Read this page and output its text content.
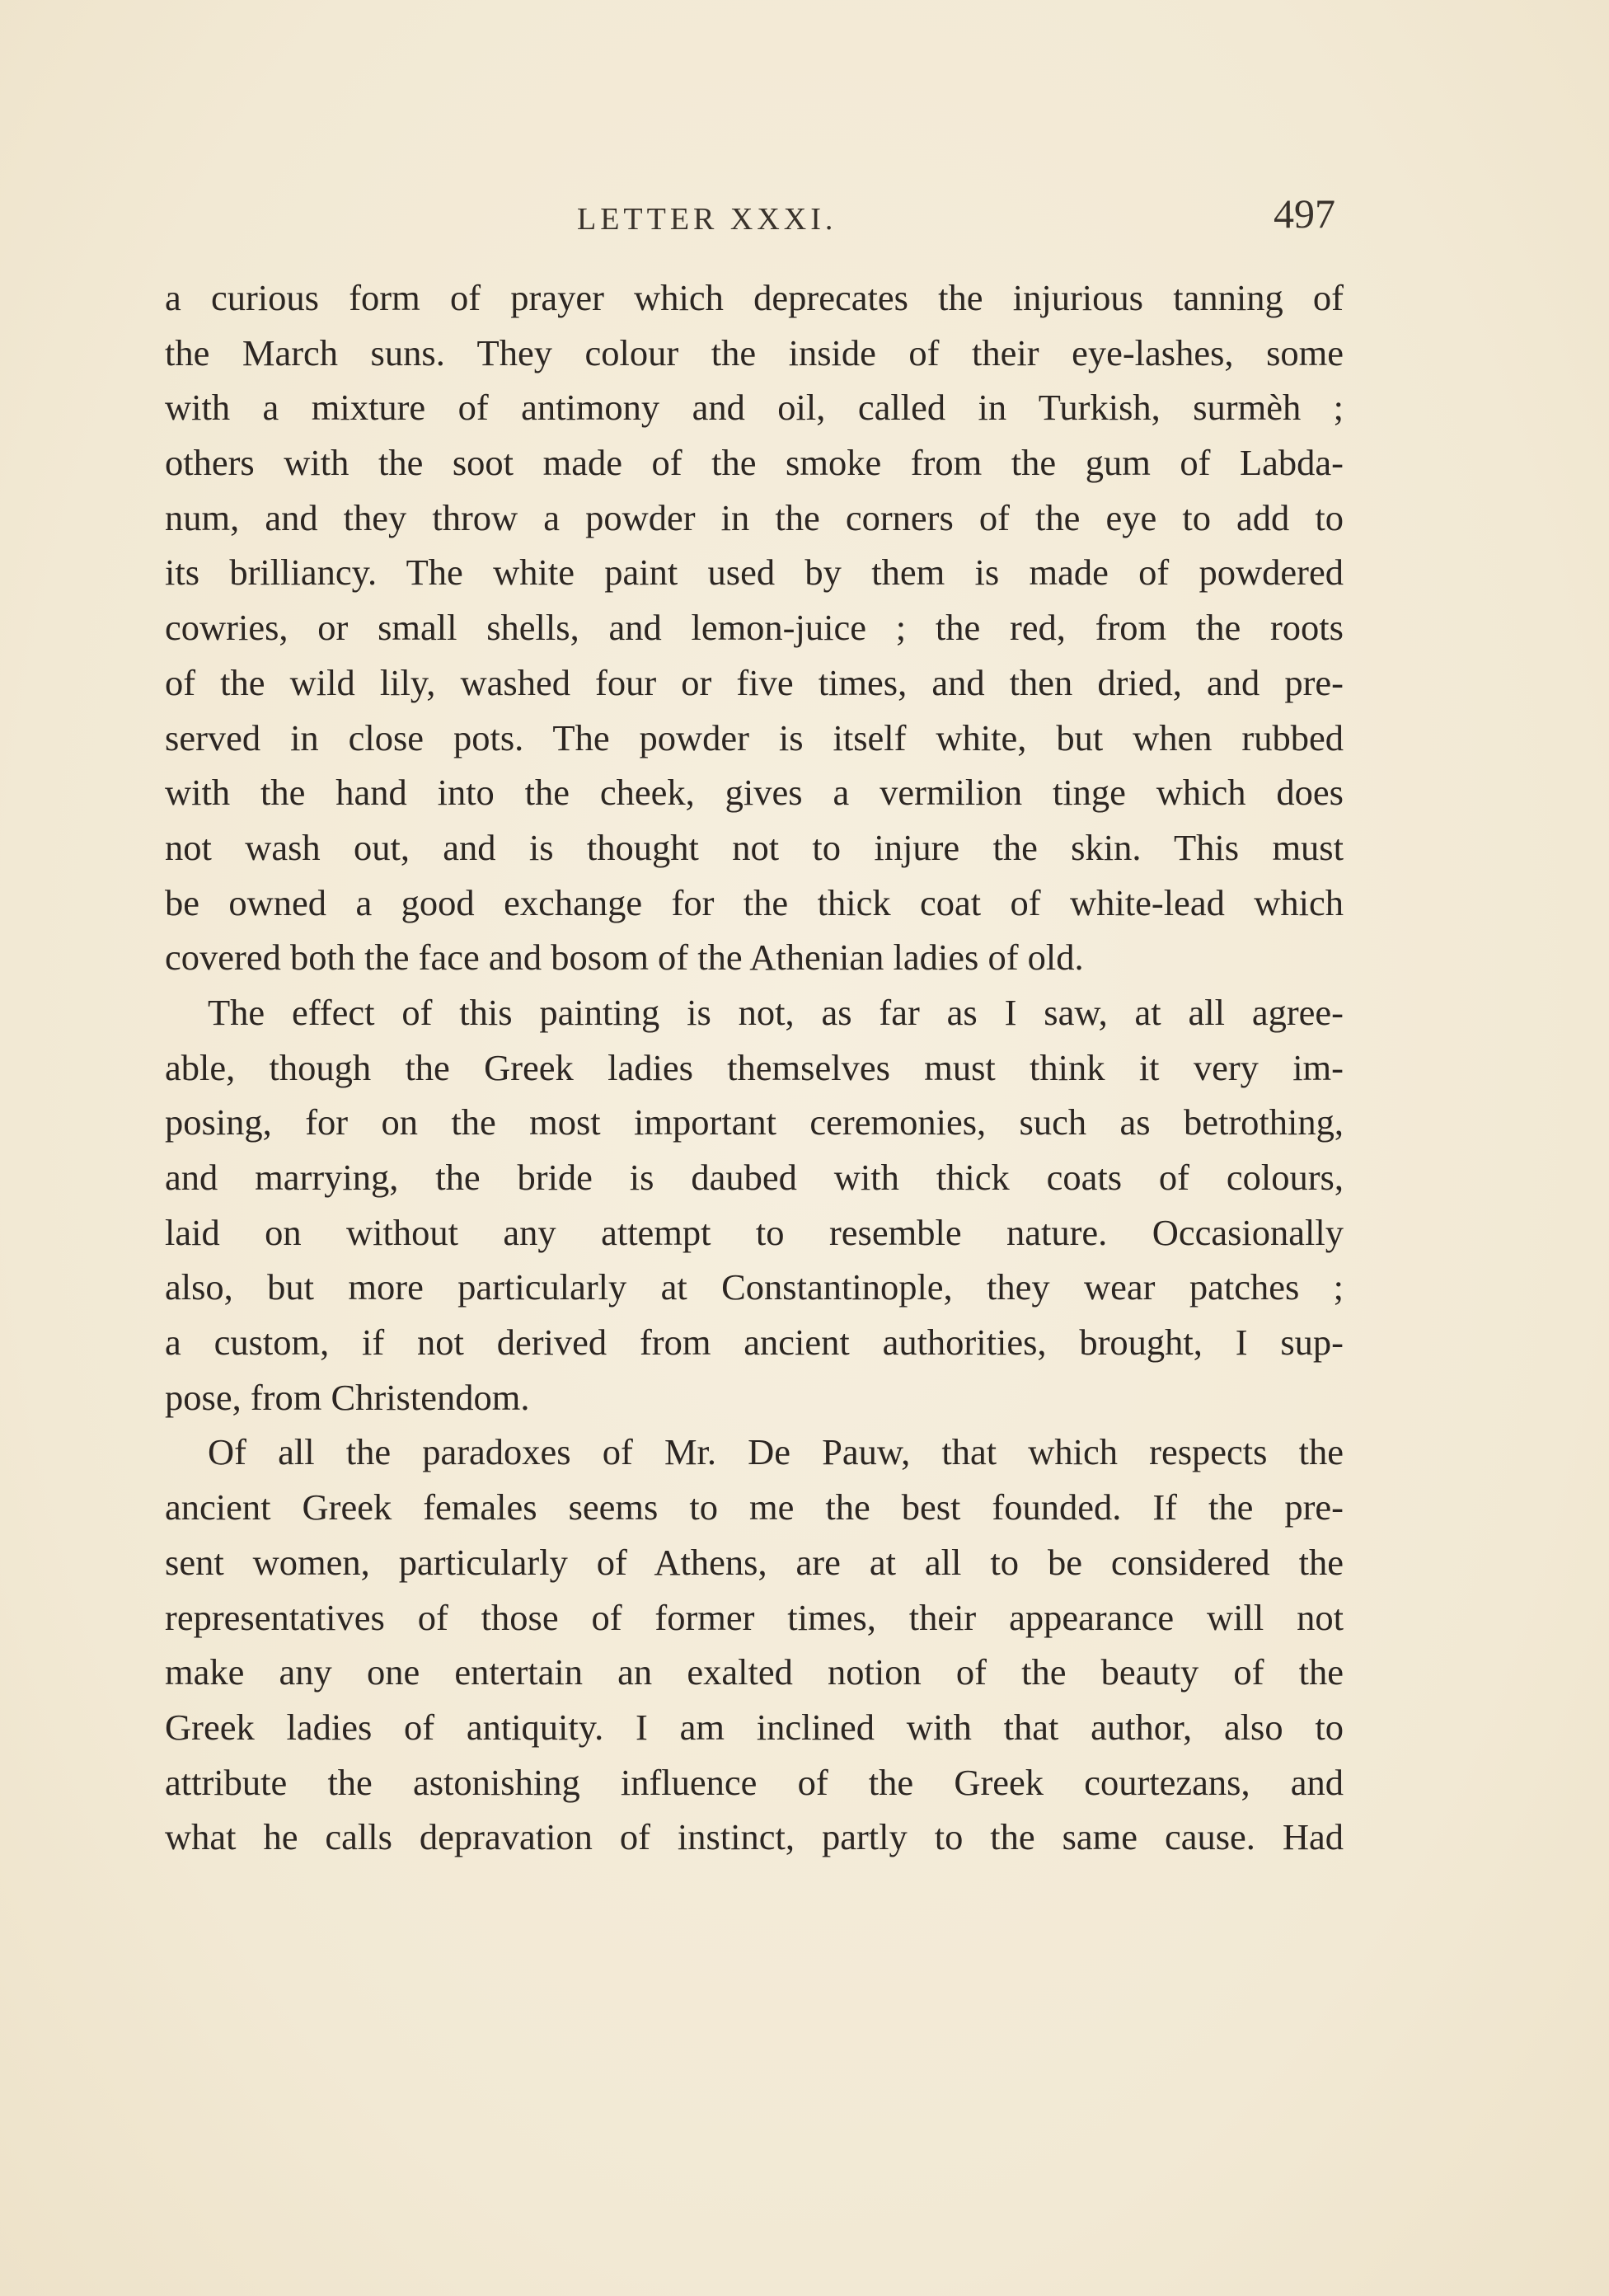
LETTER XXXI.	497
a curious form of prayer which deprecates the injurious tanning of
the March suns. They colour the inside of their eye-lashes, some
with a mixture of antimony and oil, called in Turkish, surmèh ;
others with the soot made of the smoke from the gum of Labda-
num, and they throw a powder in the corners of the eye to add to
its brilliancy. The white paint used by them is made of powdered
cowries, or small shells, and lemon-juice ; the red, from the roots
of the wild lily, washed four or five times, and then dried, and pre-
served in close pots. The powder is itself white, but when rubbed
with the hand into the cheek, gives a vermilion tinge which does
not wash out, and is thought not to injure the skin. This must
be owned a good exchange for the thick coat of white-lead which
covered both the face and bosom of the Athenian ladies of old.
The effect of this painting is not, as far as I saw, at all agree-
able, though the Greek ladies themselves must think it very im-
posing, for on the most important ceremonies, such as betrothing,
and marrying, the bride is daubed with thick coats of colours,
laid on without any attempt to resemble nature. Occasionally
also, but more particularly at Constantinople, they wear patches ;
a custom, if not derived from ancient authorities, brought, I sup-
pose, from Christendom.
Of all the paradoxes of Mr. De Pauw, that which respects the
ancient Greek females seems to me the best founded. If the pre-
sent women, particularly of Athens, are at all to be considered the
representatives of those of former times, their appearance will not
make any one entertain an exalted notion of the beauty of the
Greek ladies of antiquity. I am inclined with that author, also to
attribute the astonishing influence of the Greek courtezans, and
what he calls depravation of instinct, partly to the same cause. Had
